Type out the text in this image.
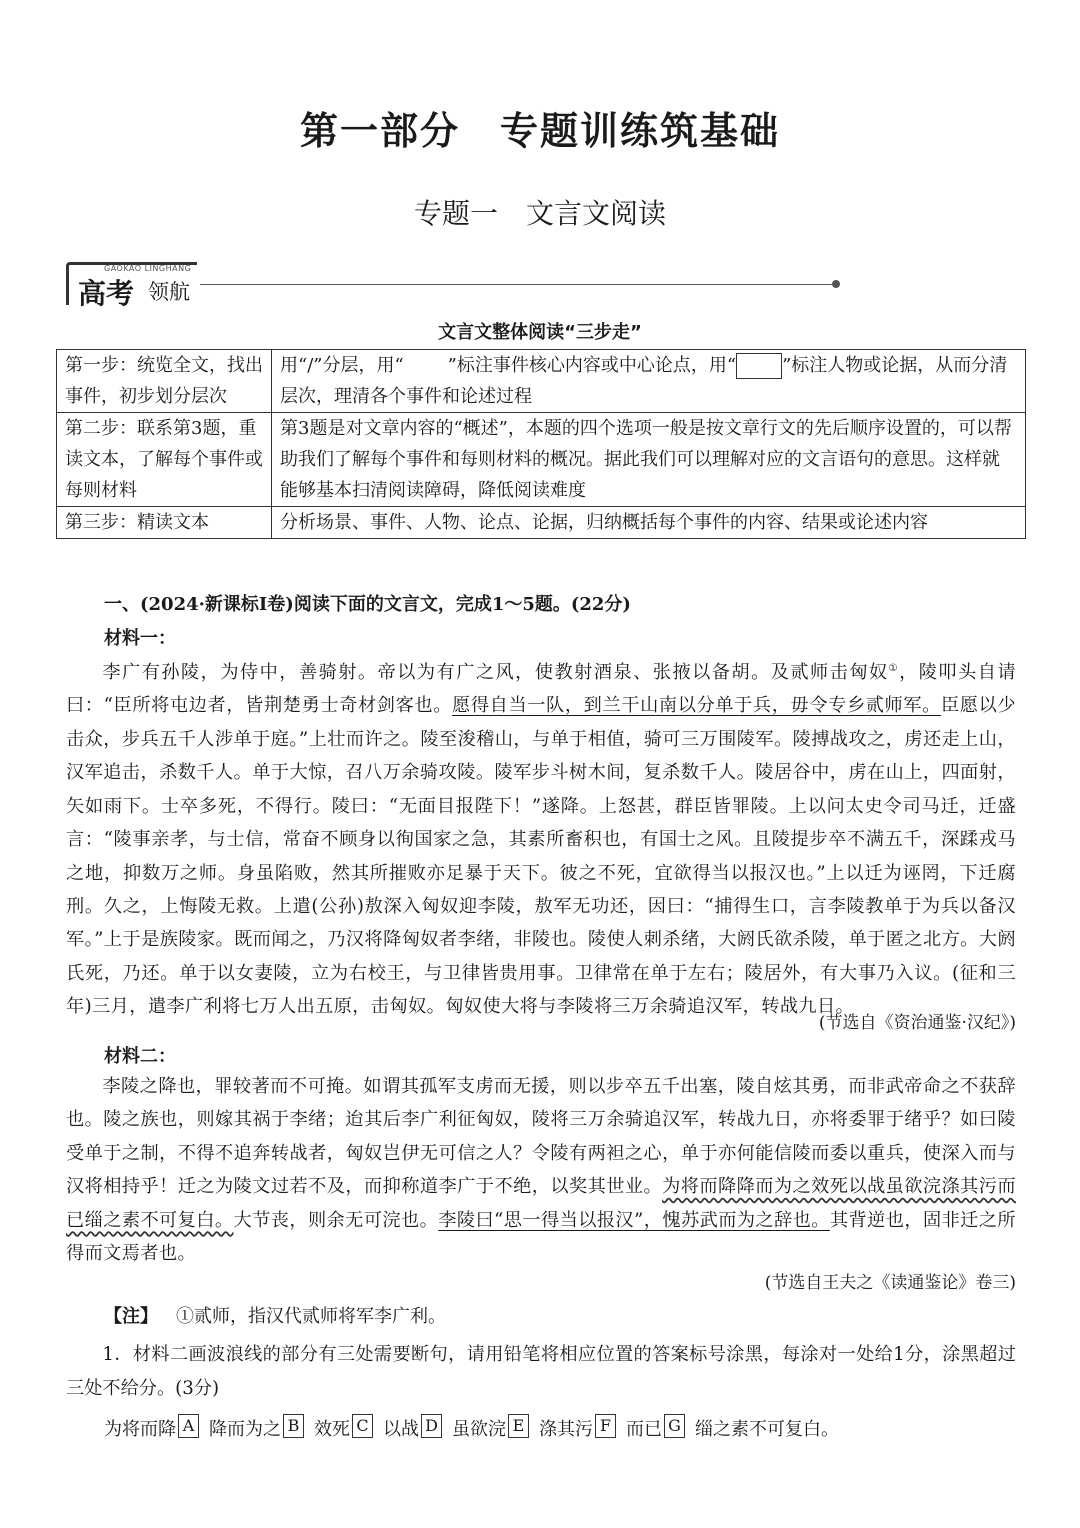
第一部分　专题训练筑基础
专题一　文言文阅读
GAOKAO LINGHANG
高考 领航
文言文整体阅读“三步走”
第一步：统览全文，找出事件，初步划分层次	用“/”分层，用“ ”标注事件核心内容或中心论点，用“ ”标注人物或论据，从而分清层次，理清各个事件和论述过程
第二步：联系第3题，重读文本，了解每个事件或每则材料	第3题是对文章内容的“概述”，本题的四个选项一般是按文章行文的先后顺序设置的，可以帮助我们了解每个事件和每则材料的概况。据此我们可以理解对应的文言语句的意思。这样就能够基本扫清阅读障碍，降低阅读难度
第三步：精读文本	分析场景、事件、人物、论点、论据，归纳概括每个事件的内容、结果或论述内容
一、(2024·新课标Ⅰ卷)阅读下面的文言文，完成1～5题。(22分)
材料一：
李广有孙陵，为侍中，善骑射。帝以为有广之风，使教射酒泉、张掖以备胡。及贰师击匈奴①，陵叩头自请曰：“臣所将屯边者，皆荆楚勇士奇材剑客也。愿得自当一队，到兰干山南以分单于兵，毋令专乡贰师军。臣愿以少击众，步兵五千人涉单于庭。”上壮而许之。陵至浚稽山，与单于相值，骑可三万围陵军。陵搏战攻之，虏还走上山，汉军追击，杀数千人。单于大惊，召八万余骑攻陵。陵军步斗树木间，复杀数千人。陵居谷中，虏在山上，四面射，矢如雨下。士卒多死，不得行。陵曰：“无面目报陛下！”遂降。上怒甚，群臣皆罪陵。上以问太史令司马迁，迁盛言：“陵事亲孝，与士信，常奋不顾身以徇国家之急，其素所畜积也，有国士之风。且陵提步卒不满五千，深蹂戎马之地，抑数万之师。身虽陷败，然其所摧败亦足暴于天下。彼之不死，宜欲得当以报汉也。”上以迁为诬罔，下迁腐刑。久之，上悔陵无救。上遣(公孙)敖深入匈奴迎李陵，敖军无功还，因曰：“捕得生口，言李陵教单于为兵以备汉军。”上于是族陵家。既而闻之，乃汉将降匈奴者李绪，非陵也。陵使人刺杀绪，大阏氏欲杀陵，单于匿之北方。大阏氏死，乃还。单于以女妻陵，立为右校王，与卫律皆贵用事。卫律常在单于左右；陵居外，有大事乃入议。(征和三年)三月，遣李广利将七万人出五原，击匈奴。匈奴使大将与李陵将三万余骑追汉军，转战九日。
(节选自《资治通鉴·汉纪》)
材料二：
李陵之降也，罪较著而不可掩。如谓其孤军支虏而无援，则以步卒五千出塞，陵自炫其勇，而非武帝命之不获辞也。陵之族也，则嫁其祸于李绪；迨其后李广利征匈奴，陵将三万余骑追汉军，转战九日，亦将委罪于绪乎？如曰陵受单于之制，不得不追奔转战者，匈奴岂伊无可信之人？令陵有两袒之心，单于亦何能信陵而委以重兵，使深入而与汉将相持乎！迁之为陵文过若不及，而抑称道李广于不绝，以奖其世业。为将而降降而为之效死以战虽欲浣涤其污而已缁之素不可复白。大节丧，则余无可浣也。李陵曰“思一得当以报汉”，愧苏武而为之辞也。其背逆也，固非迁之所得而文焉者也。
(节选自王夫之《读通鉴论》卷三)
【注】 ①贰师，指汉代贰师将军李广利。
1．材料二画波浪线的部分有三处需要断句，请用铅笔将相应位置的答案标号涂黑，每涂对一处给1分，涂黑超过三处不给分。(3分)
为将而降 A 降而为之 B 效死 C 以战 D 虽欲浣 E 涤其污 F 而已 G 缁之素不可复白。
